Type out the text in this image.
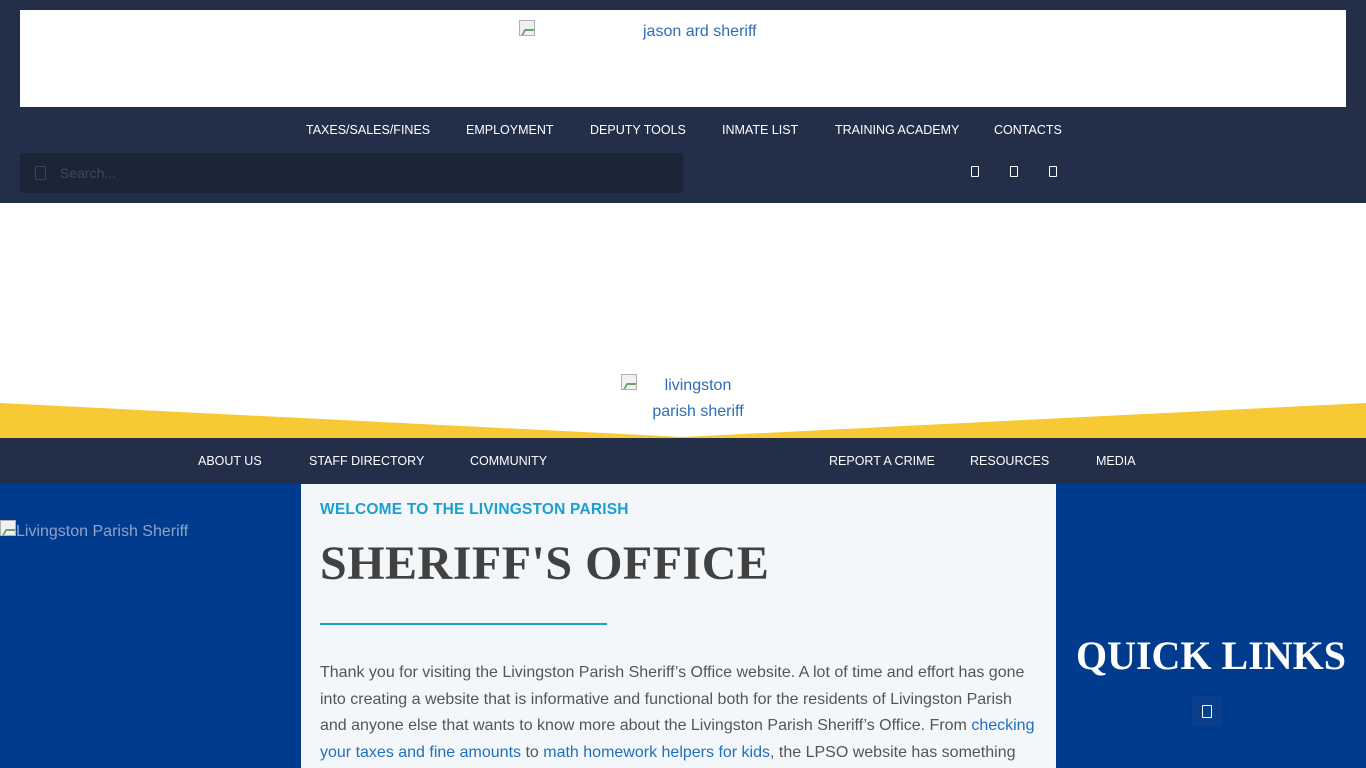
jason ard sheriff
TAXES/SALES/FINES	EMPLOYMENT	DEPUTY TOOLS	INMATE LIST	TRAINING ACADEMY	CONTACTS
Search...
livingston parish sheriff
ABOUT US	STAFF DIRECTORY	COMMUNITY	REPORT A CRIME	RESOURCES	MEDIA
Livingston Parish Sheriff
WELCOME TO THE LIVINGSTON PARISH
SHERIFF'S OFFICE

Thank you for visiting the Livingston Parish Sheriff’s Office website. A lot of time and effort has gone into creating a website that is informative and functional both for the residents of Livingston Parish and anyone else that wants to know more about the Livingston Parish Sheriff’s Office. From checking your taxes and fine amounts to math homework helpers for kids, the LPSO website has something

QUICK LINKS
